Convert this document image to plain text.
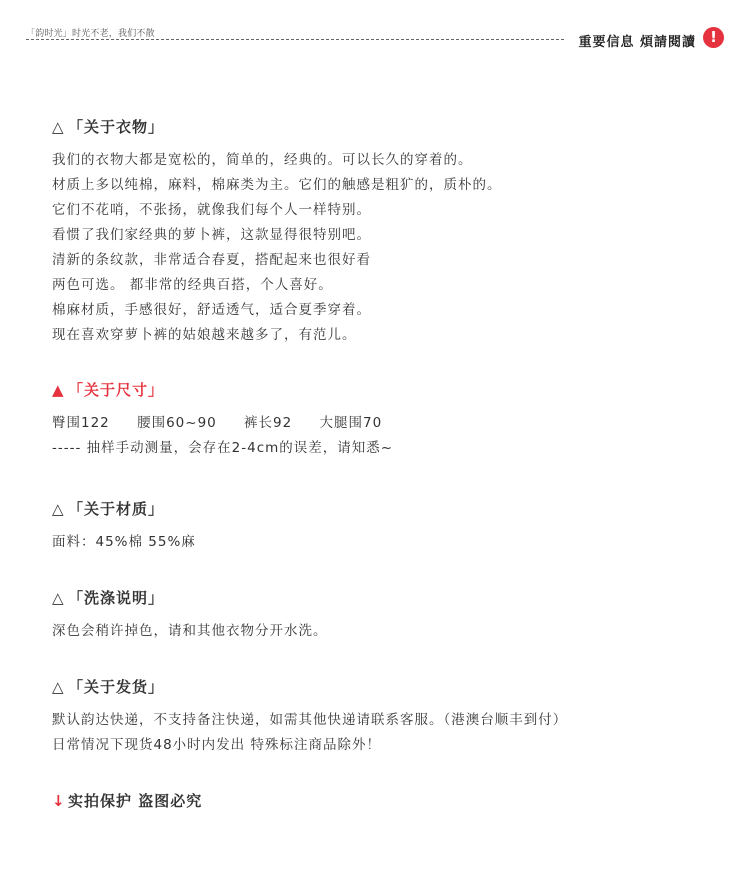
「韵时光」时光不老，我们不散
重要信息 煩請閱讀 !
△ 「关于衣物」
我们的衣物大都是宽松的，简单的，经典的。可以长久的穿着的。
材质上多以纯棉，麻料，棉麻类为主。它们的触感是粗犷的，质朴的。
它们不花哨，不张扬，就像我们每个人一样特别。
看惯了我们家经典的萝卜裤，这款显得很特别吧。
清新的条纹款，非常适合春夏，搭配起来也很好看
两色可选。 都非常的经典百搭，个人喜好。
棉麻材质，手感很好，舒适透气，适合夏季穿着。
现在喜欢穿萝卜裤的姑娘越来越多了，有范儿。
▲ 「关于尺寸」
臀围122 腰围60~90 裤长92 大腿围70
----- 抽样手动测量，会存在2-4cm的误差，请知悉~
△ 「关于材质」
面料：45%棉 55%麻
△ 「洗涤说明」
深色会稍许掉色，请和其他衣物分开水洗。
△ 「关于发货」
默认韵达快递，不支持备注快递，如需其他快递请联系客服。（港澳台顺丰到付）
日常情况下现货48小时内发出 特殊标注商品除外！
↓ 实拍保护 盗图必究
